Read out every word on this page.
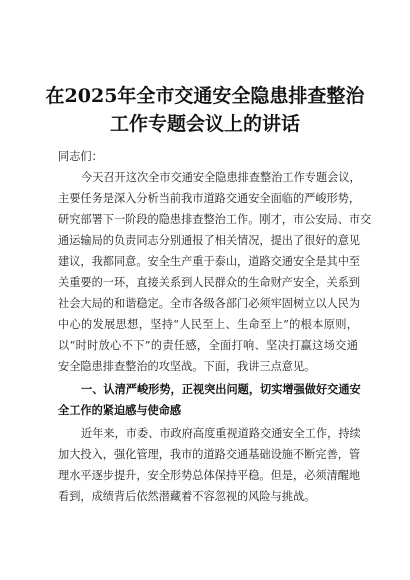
在2025年全市交通安全隐患排查整治
工作专题会议上的讲话
同志们：
今天召开这次全市交通安全隐患排查整治工作专题会议，
主要任务是深入分析当前我市道路交通安全面临的严峻形势，
研究部署下一阶段的隐患排查整治工作。刚才，市公安局、市交
通运输局的负责同志分别通报了相关情况，提出了很好的意见
建议，我都同意。安全生产重于泰山，道路交通安全是其中至
关重要的一环，直接关系到人民群众的生命财产安全，关系到
社会大局的和谐稳定。全市各级各部门必须牢固树立以人民为
中心的发展思想，坚持“人民至上、生命至上”的根本原则，
以“时时放心不下”的责任感，全面打响、坚决打赢这场交通
安全隐患排查整治的攻坚战。下面，我讲三点意见。
一、认清严峻形势，正视突出问题，切实增强做好交通安
全工作的紧迫感与使命感
近年来，市委、市政府高度重视道路交通安全工作，持续
加大投入，强化管理，我市的道路交通基础设施不断完善，管
理水平逐步提升，安全形势总体保持平稳。但是，必须清醒地
看到，成绩背后依然潜藏着不容忽视的风险与挑战。
